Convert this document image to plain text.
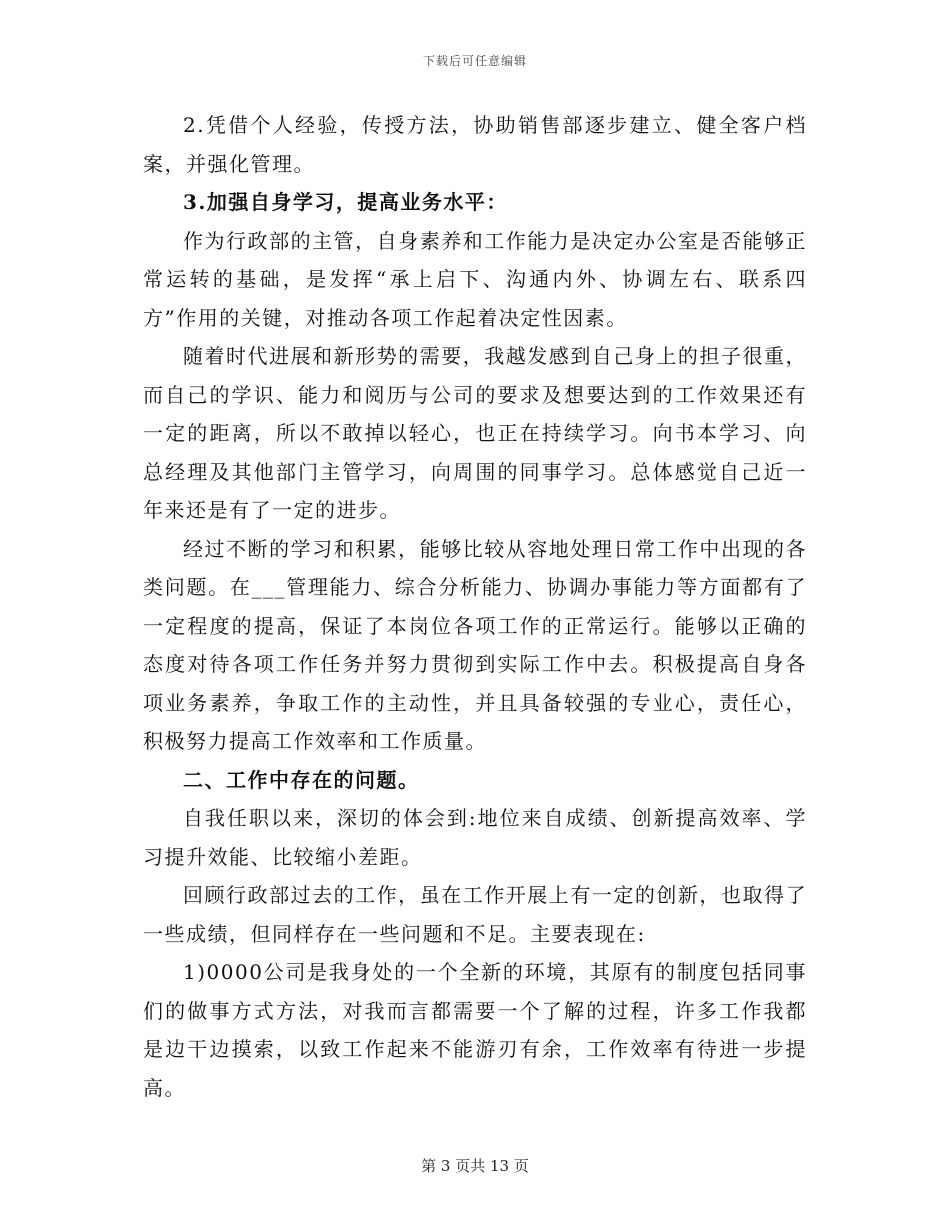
下载后可任意编辑

2.凭借个人经验，传授方法，协助销售部逐步建立、健全客户档案，并强化管理。

3.加强自身学习，提高业务水平：

作为行政部的主管，自身素养和工作能力是决定办公室是否能够正常运转的基础，是发挥“承上启下、沟通内外、协调左右、联系四方”作用的关键，对推动各项工作起着决定性因素。

随着时代进展和新形势的需要，我越发感到自己身上的担子很重，而自己的学识、能力和阅历与公司的要求及想要达到的工作效果还有一定的距离，所以不敢掉以轻心，也正在持续学习。向书本学习、向总经理及其他部门主管学习，向周围的同事学习。总体感觉自己近一年来还是有了一定的进步。

经过不断的学习和积累，能够比较从容地处理日常工作中出现的各类问题。在___管理能力、综合分析能力、协调办事能力等方面都有了一定程度的提高，保证了本岗位各项工作的正常运行。能够以正确的态度对待各项工作任务并努力贯彻到实际工作中去。积极提高自身各项业务素养，争取工作的主动性，并且具备较强的专业心，责任心，积极努力提高工作效率和工作质量。

二、工作中存在的问题。

自我任职以来，深切的体会到:地位来自成绩、创新提高效率、学习提升效能、比较缩小差距。

回顾行政部过去的工作，虽在工作开展上有一定的创新，也取得了一些成绩，但同样存在一些问题和不足。主要表现在:

1)0000公司是我身处的一个全新的环境，其原有的制度包括同事们的做事方式方法，对我而言都需要一个了解的过程，许多工作我都是边干边摸索，以致工作起来不能游刃有余，工作效率有待进一步提高。

第 3 页共 13 页
